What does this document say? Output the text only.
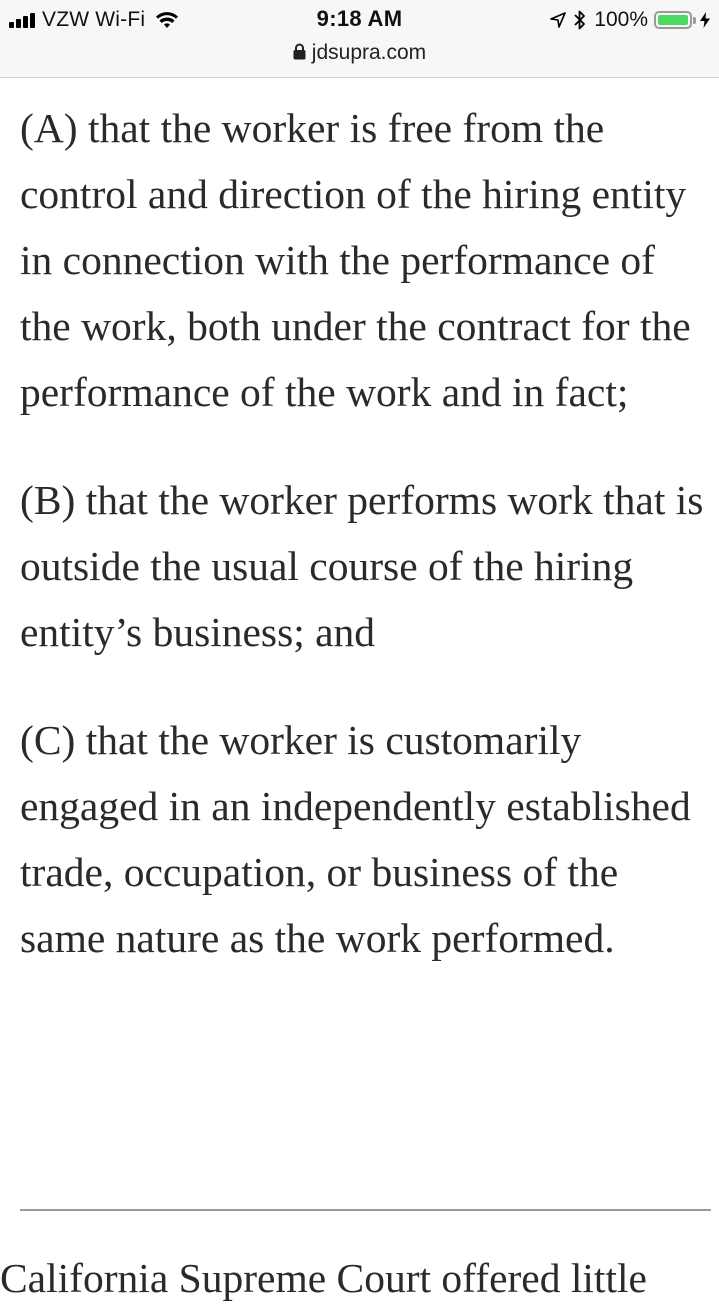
VZW Wi-Fi	9:18 AM	100%
jdsupra.com

(A) that the worker is free from the control and direction of the hiring entity in connection with the performance of the work, both under the contract for the performance of the work and in fact;

(B) that the worker performs work that is outside the usual course of the hiring entity’s business; and

(C) that the worker is customarily engaged in an independently established trade, occupation, or business of the same nature as the work performed.

California Supreme Court offered little
